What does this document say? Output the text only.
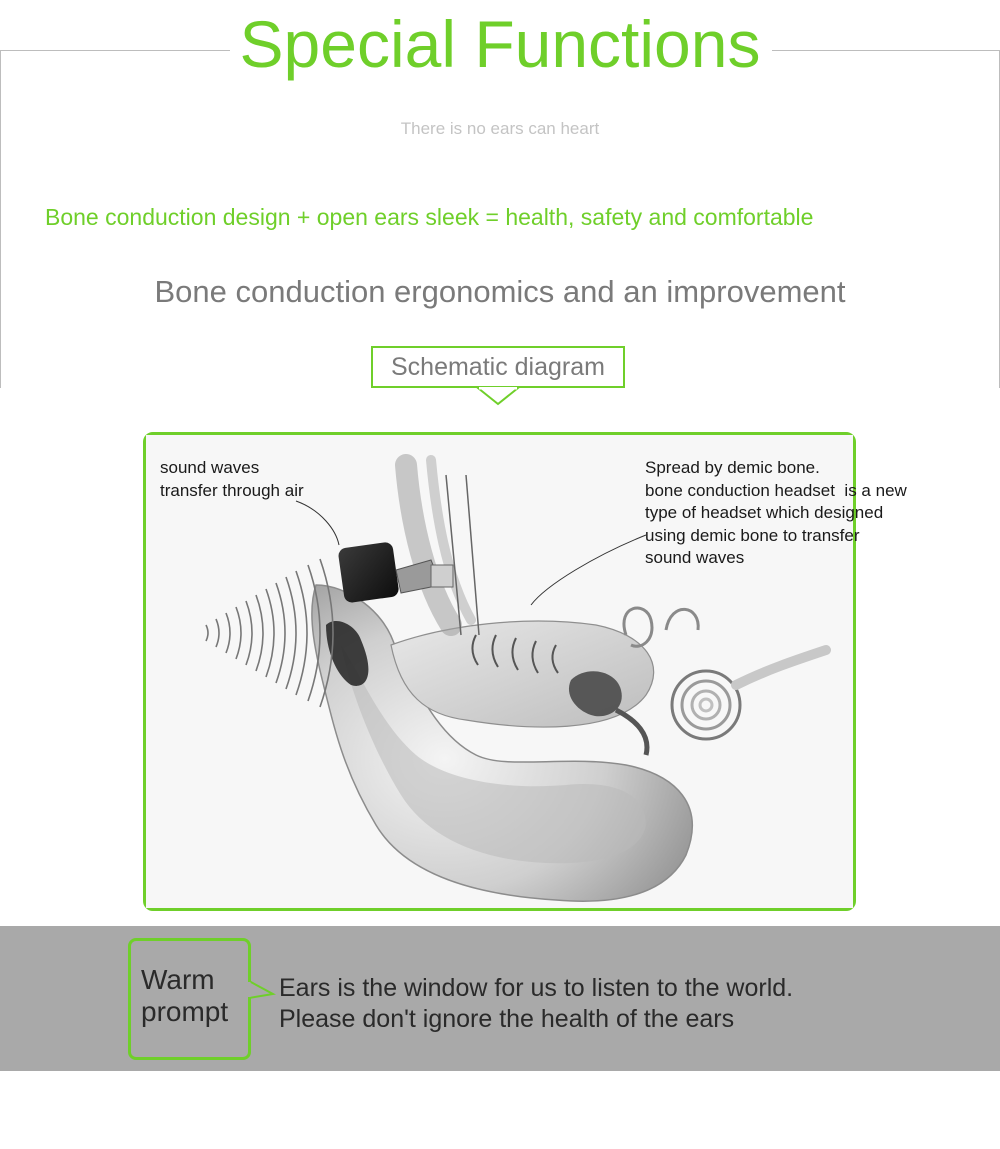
Special Functions
There is no ears can heart
Bone conduction design + open ears sleek = health, safety and comfortable
Bone conduction ergonomics and an improvement
Schematic diagram
sound waves
transfer through air
Spread by demic bone.
bone conduction headset  is a new
type of headset which designed
using demic bone to transfer
sound waves
Warm
prompt
Ears is the window for us to listen to the world.
Please don't ignore the health of the ears
